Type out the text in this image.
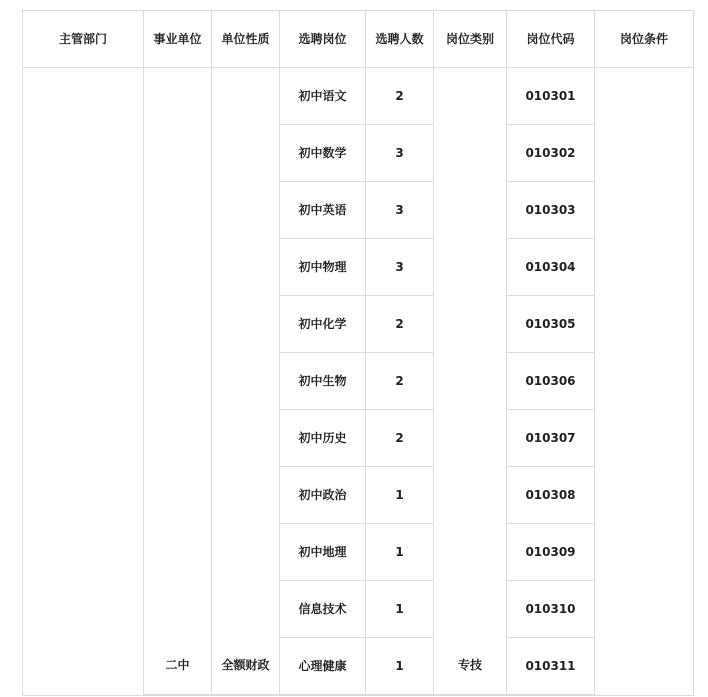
主管部门	事业单位	单位性质	选聘岗位	选聘人数	岗位类别	岗位代码	岗位条件
	二中	全额财政	初中语文	2	专技	010301	
			初中数学	3		010302	
			初中英语	3		010303	
			初中物理	3		010304	
			初中化学	2		010305	
			初中生物	2		010306	
			初中历史	2		010307	
			初中政治	1		010308	
			初中地理	1		010309	
			信息技术	1		010310	
			心理健康	1		010311	
